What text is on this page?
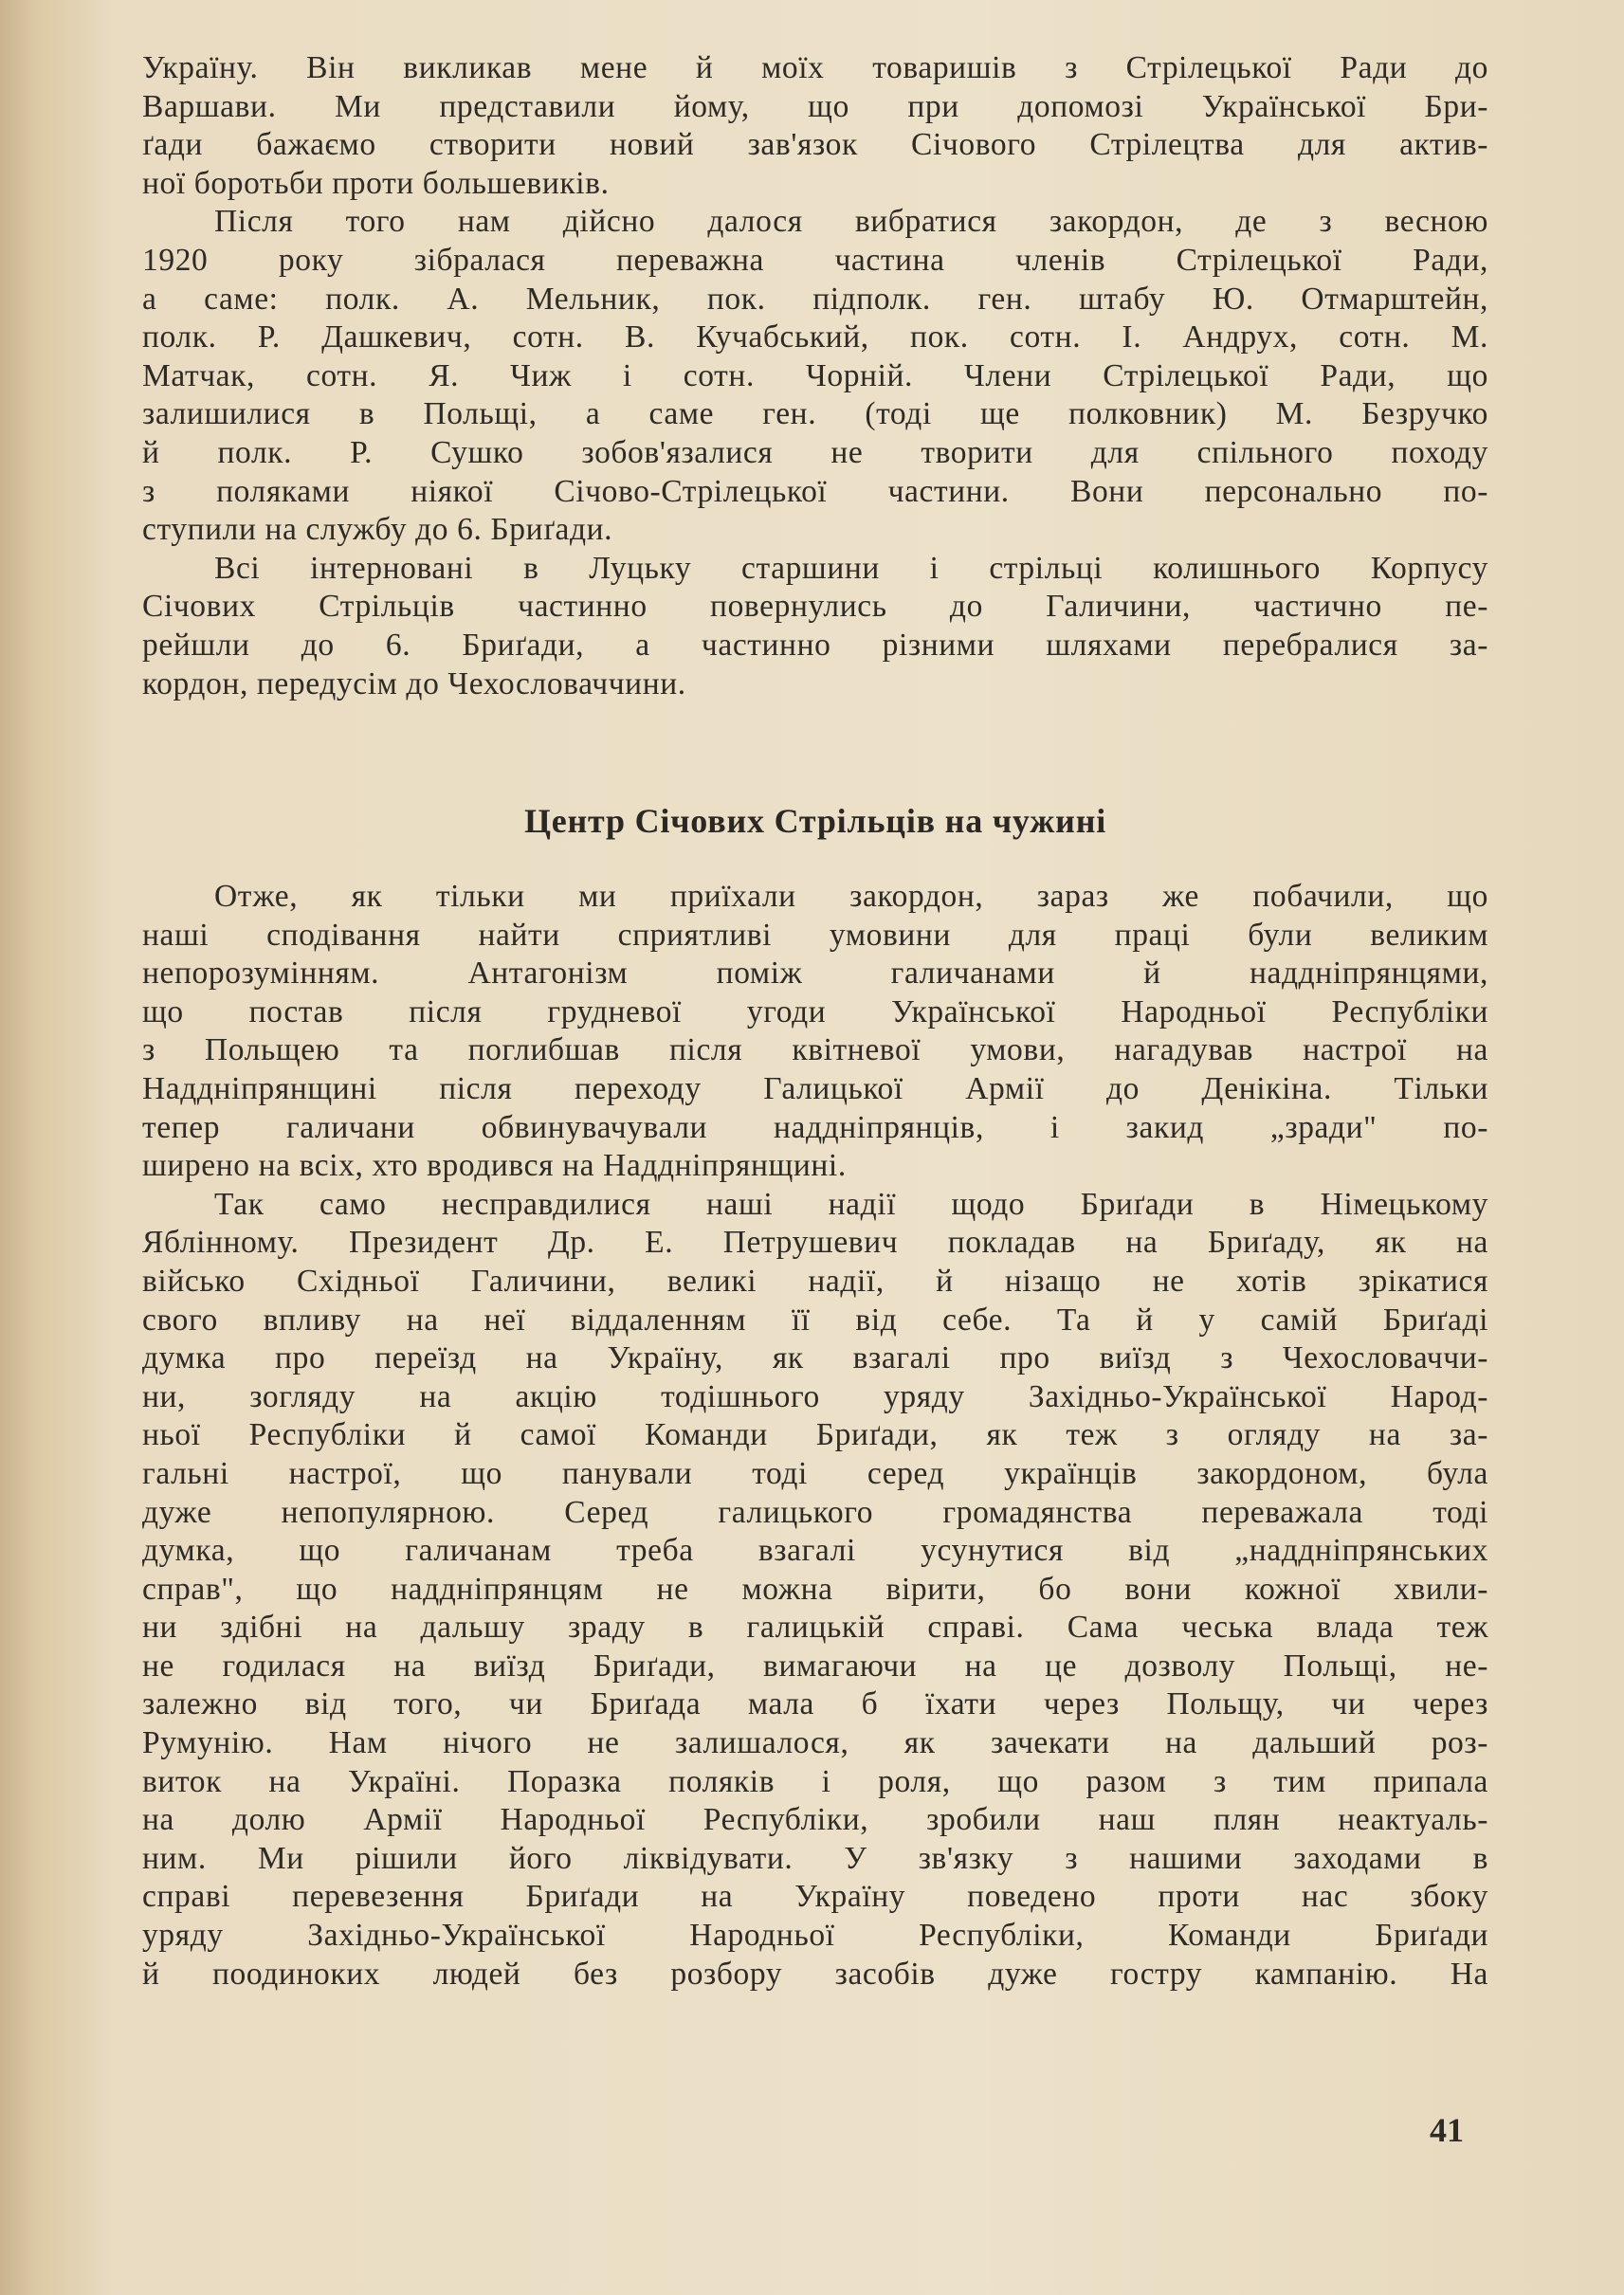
Україну. Він викликав мене й моїх товаришів з Стрілецької Ради до
Варшави. Ми представили йому, що при допомозі Української Бри-
ґади бажаємо створити новий зав'язок Січового Стрілецтва для актив-
ної боротьби проти большевиків.

Після того нам дійсно далося вибратися закордон, де з весною
1920 року зібралася переважна частина членів Стрілецької Ради,
а саме: полк. А. Мельник, пок. підполк. ген. штабу Ю. Отмарштейн,
полк. Р. Дашкевич, сотн. В. Кучабський, пок. сотн. І. Андрух, сотн. М.
Матчак, сотн. Я. Чиж і сотн. Чорній. Члени Стрілецької Ради, що
залишилися в Польщі, а саме ген. (тоді ще полковник) М. Безручко
й полк. Р. Сушко зобов'язалися не творити для спільного походу
з поляками ніякої Січово-Стрілецької частини. Вони персонально по-
ступили на службу до 6. Бриґади.

Всі інтерновані в Луцьку старшини і стрільці колишнього Корпусу
Січових Стрільців частинно повернулись до Галичини, частично пе-
рейшли до 6. Бриґади, а частинно різними шляхами перебралися за-
кордон, передусім до Чехословаччини.

Центр Січових Стрільців на чужині

Отже, як тільки ми приїхали закордон, зараз же побачили, що
наші сподівання найти сприятливі умовини для праці були великим
непорозумінням. Антагонізм поміж галичанами й наддніпрянцями,
що постав після грудневої угоди Української Народньої Республіки
з Польщею та поглибшав після квітневої умови, нагадував настрої на
Наддніпрянщині після переходу Галицької Армії до Денікіна. Тільки
тепер галичани обвинувачували наддніпрянців, і закид „зради" по-
ширено на всіх, хто вродився на Наддніпрянщині.

Так само несправдилися наші надії щодо Бриґади в Німецькому
Яблінному. Президент Др. Е. Петрушевич покладав на Бриґаду, як на
військо Східньої Галичини, великі надії, й нізащо не хотів зрікатися
свого впливу на неї віддаленням її від себе. Та й у самій Бриґаді
думка про переїзд на Україну, як взагалі про виїзд з Чехословаччи-
ни, зогляду на акцію тодішнього уряду Західньо-Української Народ-
ньої Республіки й самої Команди Бриґади, як теж з огляду на за-
гальні настрої, що панували тоді серед українців закордоном, була
дуже непопулярною. Серед галицького громадянства переважала тоді
думка, що галичанам треба взагалі усунутися від „наддніпрянських
справ", що наддніпрянцям не можна вірити, бо вони кожної хвили-
ни здібні на дальшу зраду в галицькій справі. Сама чеська влада теж
не годилася на виїзд Бриґади, вимагаючи на це дозволу Польщі, не-
залежно від того, чи Бриґада мала б їхати через Польщу, чи через
Румунію. Нам нічого не залишалося, як зачекати на дальший роз-
виток на Україні. Поразка поляків і роля, що разом з тим припала
на долю Армії Народньої Республіки, зробили наш плян неактуаль-
ним. Ми рішили його ліквідувати. У зв'язку з нашими заходами в
справі перевезення Бриґади на Україну поведено проти нас збоку
уряду Західньо-Української Народньої Республіки, Команди Бриґади
й поодиноких людей без розбору засобів дуже гостру кампанію. На

41
